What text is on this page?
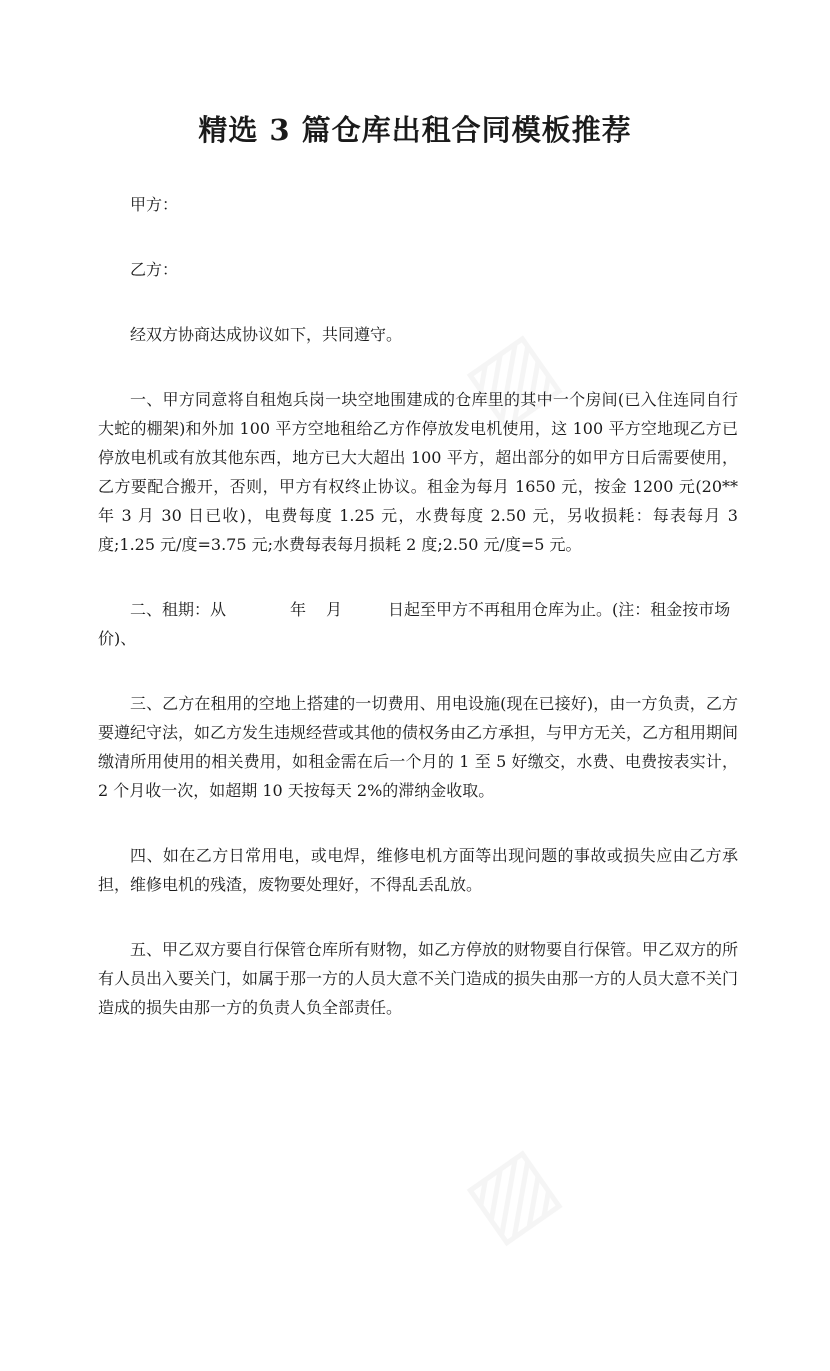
▨
▨
精选 3 篇仓库出租合同模板推荐

甲方：

乙方：

经双方协商达成协议如下，共同遵守。

一、甲方同意将自租炮兵岗一块空地围建成的仓库里的其中一个房间(已入住连同自行大蛇的棚架)和外加 100 平方空地租给乙方作停放发电机使用，这 100 平方空地现乙方已停放电机或有放其他东西，地方已大大超出 100 平方，超出部分的如甲方日后需要使用，乙方要配合搬开，否则，甲方有权终止协议。租金为每月 1650 元，按金 1200 元(20**年 3 月 30 日已收)，电费每度 1.25 元，水费每度 2.50 元，另收损耗：每表每月 3 度;1.25 元/度=3.75 元;水费每表每月损耗 2 度;2.50 元/度=5 元。

二、租期：从	年 月	日起至甲方不再租用仓库为止。(注：租金按市场价)、

三、乙方在租用的空地上搭建的一切费用、用电设施(现在已接好)，由一方负责，乙方要遵纪守法，如乙方发生违规经营或其他的债权务由乙方承担，与甲方无关，乙方租用期间缴清所用使用的相关费用，如租金需在后一个月的 1 至 5 好缴交，水费、电费按表实计，2 个月收一次，如超期 10 天按每天 2%的滞纳金收取。

四、如在乙方日常用电，或电焊，维修电机方面等出现问题的事故或损失应由乙方承担，维修电机的残渣，废物要处理好，不得乱丢乱放。

五、甲乙双方要自行保管仓库所有财物，如乙方停放的财物要自行保管。甲乙双方的所有人员出入要关门，如属于那一方的人员大意不关门造成的损失由那一方的人员大意不关门造成的损失由那一方的负责人负全部责任。
